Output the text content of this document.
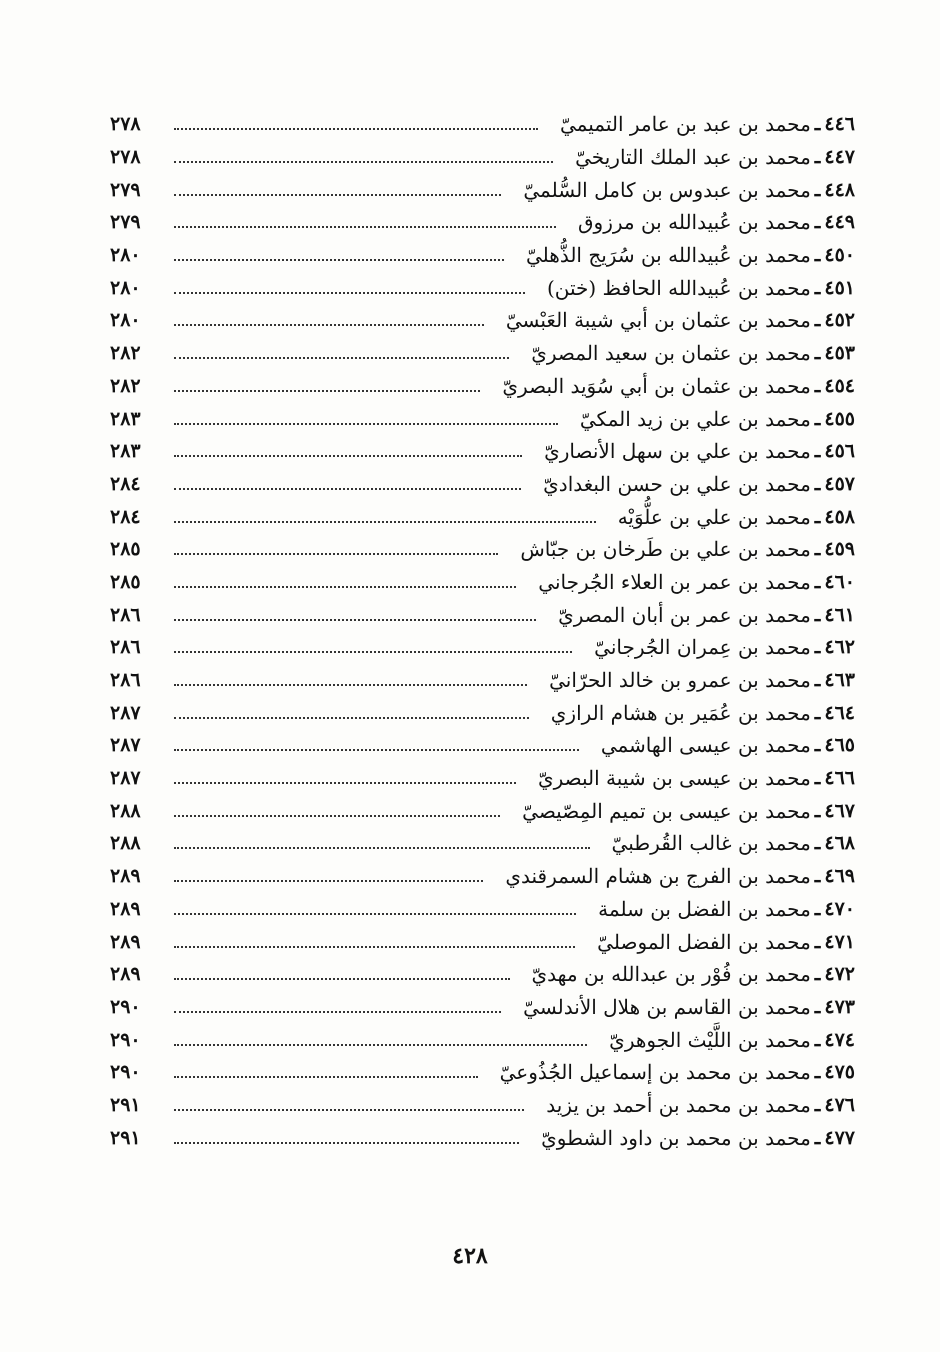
٤٤٦
ـ
محمد بن عبد بن عامر التميميّ
٢٧٨
٤٤٧
ـ
محمد بن عبد الملك التاريخيّ
٢٧٨
٤٤٨
ـ
محمد بن عبدوس بن كامل السُّلميّ
٢٧٩
٤٤٩
ـ
محمد بن عُبيدالله بن مرزوق
٢٧٩
٤٥٠
ـ
محمد بن عُبيدالله بن سُرَيج الذُّهليّ
٢٨٠
٤٥١
ـ
محمد بن عُبيدالله الحافظ (ختن)
٢٨٠
٤٥٢
ـ
محمد بن عثمان بن أبي شيبة العَبْسيّ
٢٨٠
٤٥٣
ـ
محمد بن عثمان بن سعيد المصريّ
٢٨٢
٤٥٤
ـ
محمد بن عثمان بن أبي سُوَيد البصريّ
٢٨٢
٤٥٥
ـ
محمد بن علي بن زيد المكيّ
٢٨٣
٤٥٦
ـ
محمد بن علي بن سهل الأنصاريّ
٢٨٣
٤٥٧
ـ
محمد بن علي بن حسن البغداديّ
٢٨٤
٤٥٨
ـ
محمد بن علي بن علُّوَيْه
٢٨٤
٤٥٩
ـ
محمد بن علي بن طَرخان بن جبّاش
٢٨٥
٤٦٠
ـ
محمد بن عمر بن العلاء الجُرجاني
٢٨٥
٤٦١
ـ
محمد بن عمر بن أبان المصريّ
٢٨٦
٤٦٢
ـ
محمد بن عِمران الجُرجانيّ
٢٨٦
٤٦٣
ـ
محمد بن عمرو بن خالد الحرّانيّ
٢٨٦
٤٦٤
ـ
محمد بن عُمَير بن هشام الرازي
٢٨٧
٤٦٥
ـ
محمد بن عيسى الهاشمي
٢٨٧
٤٦٦
ـ
محمد بن عيسى بن شيبة البصريّ
٢٨٧
٤٦٧
ـ
محمد بن عيسى بن تميم المِصّيصيّ
٢٨٨
٤٦٨
ـ
محمد بن غالب القُرطبيّ
٢٨٨
٤٦٩
ـ
محمد بن الفرج بن هشام السمرقندي
٢٨٩
٤٧٠
ـ
محمد بن الفضل بن سلمة
٢٨٩
٤٧١
ـ
محمد بن الفضل الموصليّ
٢٨٩
٤٧٢
ـ
محمد بن فُوْر بن عبدالله بن مهديّ
٢٨٩
٤٧٣
ـ
محمد بن القاسم بن هلال الأندلسيّ
٢٩٠
٤٧٤
ـ
محمد بن اللَّيْث الجوهريّ
٢٩٠
٤٧٥
ـ
محمد بن محمد بن إسماعيل الجُذُوعيّ
٢٩٠
٤٧٦
ـ
محمد بن محمد بن أحمد بن يزيد
٢٩١
٤٧٧
ـ
محمد بن محمد بن داود الشطويّ
٢٩١
٤٢٨
